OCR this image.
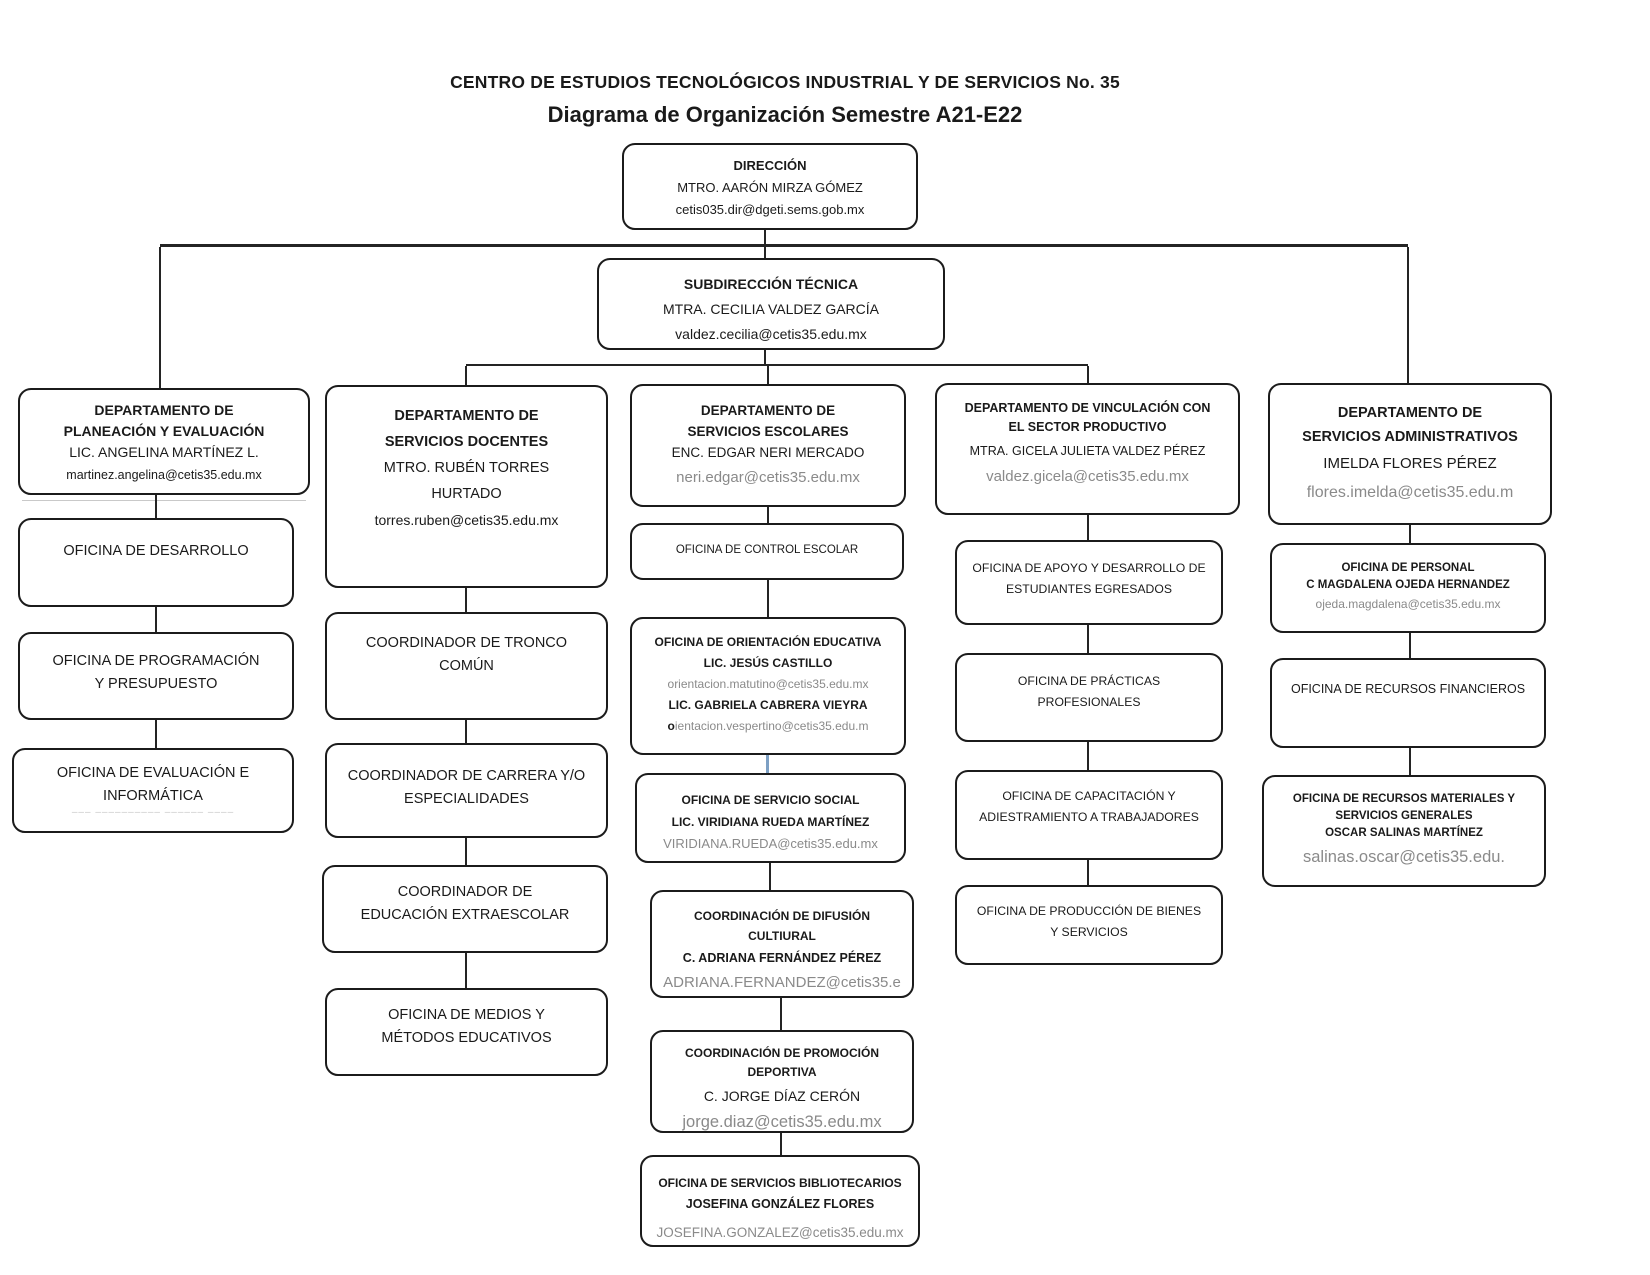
CENTRO DE ESTUDIOS TECNOLÓGICOS INDUSTRIAL Y DE SERVICIOS No. 35
Diagrama de Organización Semestre A21-E22
DIRECCIÓN
MTRO. AARÓN MIRZA GÓMEZ
cetis035.dir@dgeti.sems.gob.mx
SUBDIRECCIÓN TÉCNICA
MTRA. CECILIA VALDEZ GARCÍA
valdez.cecilia@cetis35.edu.mx
DEPARTAMENTO DE
PLANEACIÓN Y EVALUACIÓN
LIC. ANGELINA MARTÍNEZ L.
martinez.angelina@cetis35.edu.mx
OFICINA DE DESARROLLO
OFICINA DE PROGRAMACIÓN
Y PRESUPUESTO
OFICINA DE EVALUACIÓN E
INFORMÁTICA
––– –––––––––– –––––– ––––
DEPARTAMENTO DE
SERVICIOS DOCENTES
MTRO. RUBÉN TORRES
HURTADO
torres.ruben@cetis35.edu.mx
COORDINADOR DE TRONCO
COMÚN
COORDINADOR DE CARRERA Y/O
ESPECIALIDADES
COORDINADOR DE
EDUCACIÓN EXTRAESCOLAR
OFICINA DE MEDIOS Y
MÉTODOS EDUCATIVOS
DEPARTAMENTO DE
SERVICIOS ESCOLARES
ENC. EDGAR NERI MERCADO
neri.edgar@cetis35.edu.mx
OFICINA DE CONTROL ESCOLAR
OFICINA DE ORIENTACIÓN EDUCATIVA
LIC. JESÚS CASTILLO
orientacion.matutino@cetis35.edu.mx
LIC. GABRIELA CABRERA VIEYRA
oientacion.vespertino@cetis35.edu.m
OFICINA DE SERVICIO SOCIAL
LIC. VIRIDIANA RUEDA MARTÍNEZ
VIRIDIANA.RUEDA@cetis35.edu.mx
COORDINACIÓN DE DIFUSIÓN
CULTIURAL
C. ADRIANA FERNÁNDEZ PÉREZ
ADRIANA.FERNANDEZ@cetis35.e
COORDINACIÓN DE PROMOCIÓN
DEPORTIVA
C. JORGE DÍAZ CERÓN
jorge.diaz@cetis35.edu.mx
OFICINA DE SERVICIOS BIBLIOTECARIOS
JOSEFINA GONZÁLEZ FLORES
JOSEFINA.GONZALEZ@cetis35.edu.mx
DEPARTAMENTO DE VINCULACIÓN CON
EL SECTOR PRODUCTIVO
MTRA. GICELA JULIETA VALDEZ PÉREZ
valdez.gicela@cetis35.edu.mx
OFICINA DE APOYO Y DESARROLLO DE
ESTUDIANTES EGRESADOS
OFICINA DE PRÁCTICAS
PROFESIONALES
OFICINA DE CAPACITACIÓN Y
ADIESTRAMIENTO A TRABAJADORES
OFICINA DE PRODUCCIÓN DE BIENES
Y SERVICIOS
DEPARTAMENTO DE
SERVICIOS ADMINISTRATIVOS
IMELDA FLORES PÉREZ
flores.imelda@cetis35.edu.m
OFICINA DE PERSONAL
C MAGDALENA OJEDA HERNANDEZ
ojeda.magdalena@cetis35.edu.mx
OFICINA DE RECURSOS FINANCIEROS
OFICINA DE RECURSOS MATERIALES Y
SERVICIOS GENERALES
OSCAR SALINAS MARTÍNEZ
salinas.oscar@cetis35.edu.
